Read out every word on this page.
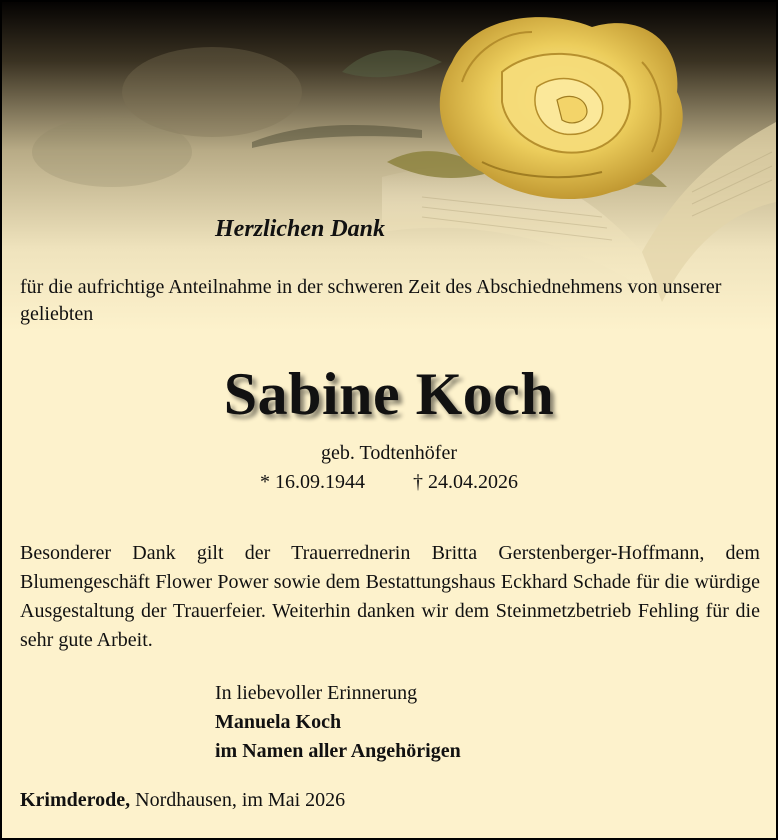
Herzlichen Dank
für die aufrichtige Anteilnahme in der schweren Zeit des Abschiednehmens von unserer geliebten
Sabine Koch
geb. Todtenhöfer
* 16.09.1944 † 24.04.2026
Besonderer Dank gilt der Trauerrednerin Britta Gerstenberger-Hoffmann, dem Blumengeschäft Flower Power sowie dem Bestattungshaus Eckhard Schade für die würdige Ausgestaltung der Trauerfeier. Weiterhin danken wir dem Steinmetzbetrieb Fehling für die sehr gute Arbeit.
In liebevoller Erinnerung
Manuela Koch
im Namen aller Angehörigen
Krimderode, Nordhausen, im Mai 2026
